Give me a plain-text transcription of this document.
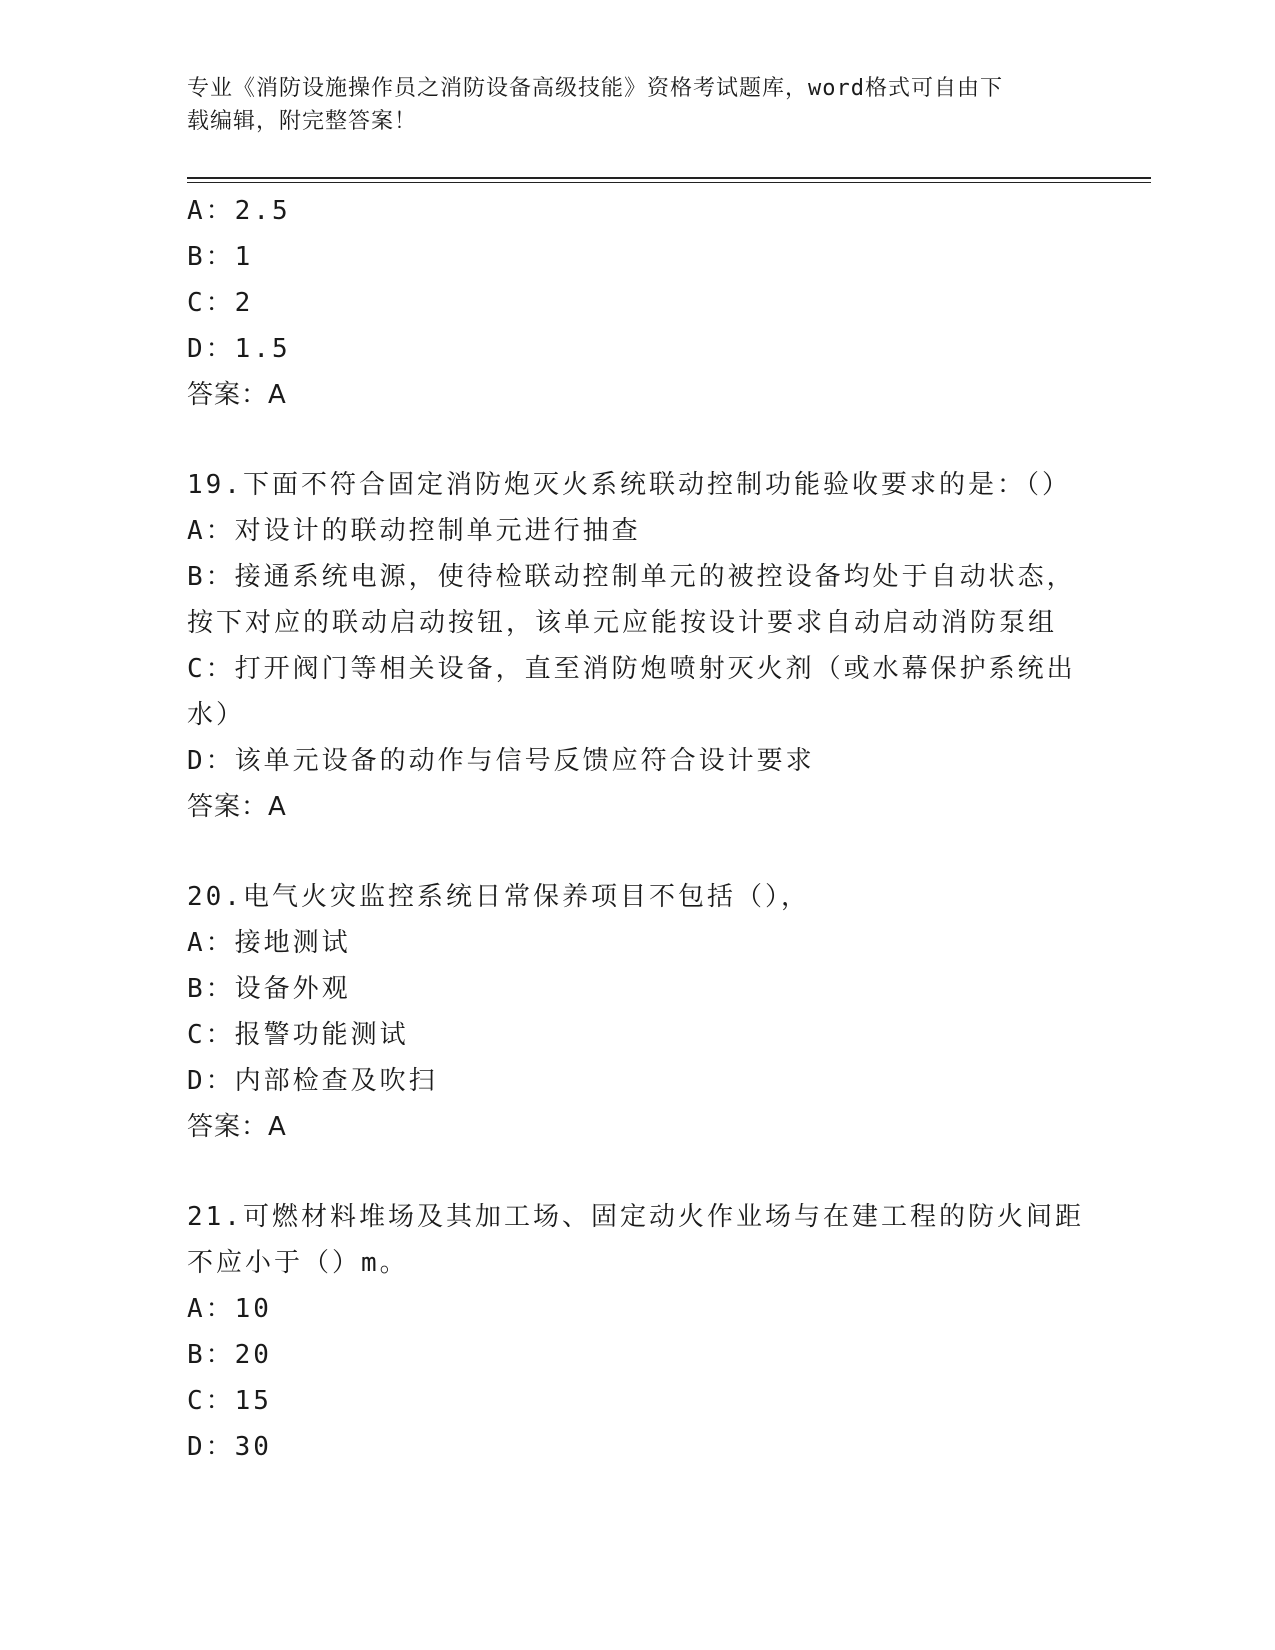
专业《消防设施操作员之消防设备高级技能》资格考试题库，word格式可自由下
载编辑，附完整答案！
A：2.5
B：1
C：2
D：1.5
答案：A
19.下面不符合固定消防炮灭火系统联动控制功能验收要求的是：（）
A：对设计的联动控制单元进行抽查
B：接通系统电源，使待检联动控制单元的被控设备均处于自动状态，
按下对应的联动启动按钮，该单元应能按设计要求自动启动消防泵组
C：打开阀门等相关设备，直至消防炮喷射灭火剂（或水幕保护系统出
水）
D：该单元设备的动作与信号反馈应符合设计要求
答案：A
20.电气火灾监控系统日常保养项目不包括（），
A：接地测试
B：设备外观
C：报警功能测试
D：内部检查及吹扫
答案：A
21.可燃材料堆场及其加工场、固定动火作业场与在建工程的防火间距
不应小于（）m。
A：10
B：20
C：15
D：30
